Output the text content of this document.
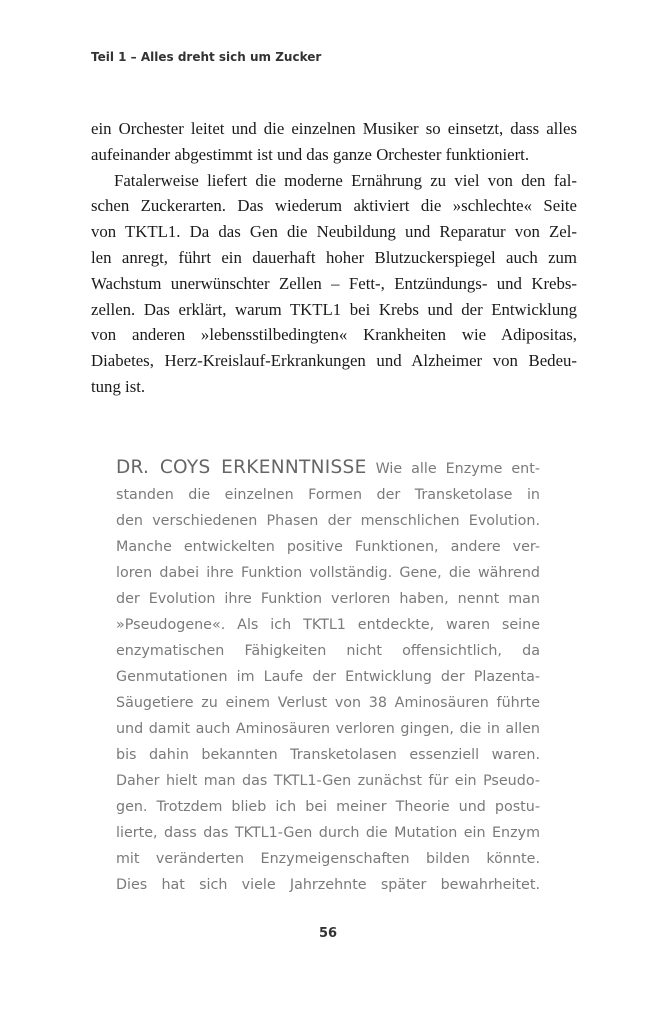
Teil 1 – Alles dreht sich um Zucker
ein Orchester leitet und die einzelnen Musiker so einsetzt, dass alles
aufeinander abgestimmt ist und das ganze Orchester funktioniert.
Fatalerweise liefert die moderne Ernährung zu viel von den fal-
schen Zuckerarten. Das wiederum aktiviert die »schlechte« Seite
von TKTL1. Da das Gen die Neubildung und Reparatur von Zel-
len anregt, führt ein dauerhaft hoher Blutzuckerspiegel auch zum
Wachstum unerwünschter Zellen – Fett-, Entzündungs- und Krebs-
zellen. Das erklärt, warum TKTL1 bei Krebs und der Entwicklung
von anderen »lebensstilbedingten« Krankheiten wie Adipositas,
Diabetes, Herz-Kreislauf-Erkrankungen und Alzheimer von Bedeu-
tung ist.
DR. COYS ERKENNTNISSE Wie alle Enzyme ent-
standen die einzelnen Formen der Transketolase in
den verschiedenen Phasen der menschlichen Evolution.
Manche entwickelten positive Funktionen, andere ver-
loren dabei ihre Funktion vollständig. Gene, die während
der Evolution ihre Funktion verloren haben, nennt man
»Pseudogene«. Als ich TKTL1 entdeckte, waren seine
enzymatischen Fähigkeiten nicht offensichtlich, da
Genmutationen im Laufe der Entwicklung der Plazenta-
Säugetiere zu einem Verlust von 38 Aminosäuren führte
und damit auch Aminosäuren verloren gingen, die in allen
bis dahin bekannten Transketolasen essenziell waren.
Daher hielt man das TKTL1-Gen zunächst für ein Pseudo-
gen. Trotzdem blieb ich bei meiner Theorie und postu-
lierte, dass das TKTL1-Gen durch die Mutation ein Enzym
mit veränderten Enzymeigenschaften bilden könnte.
Dies hat sich viele Jahrzehnte später bewahrheitet.
56
